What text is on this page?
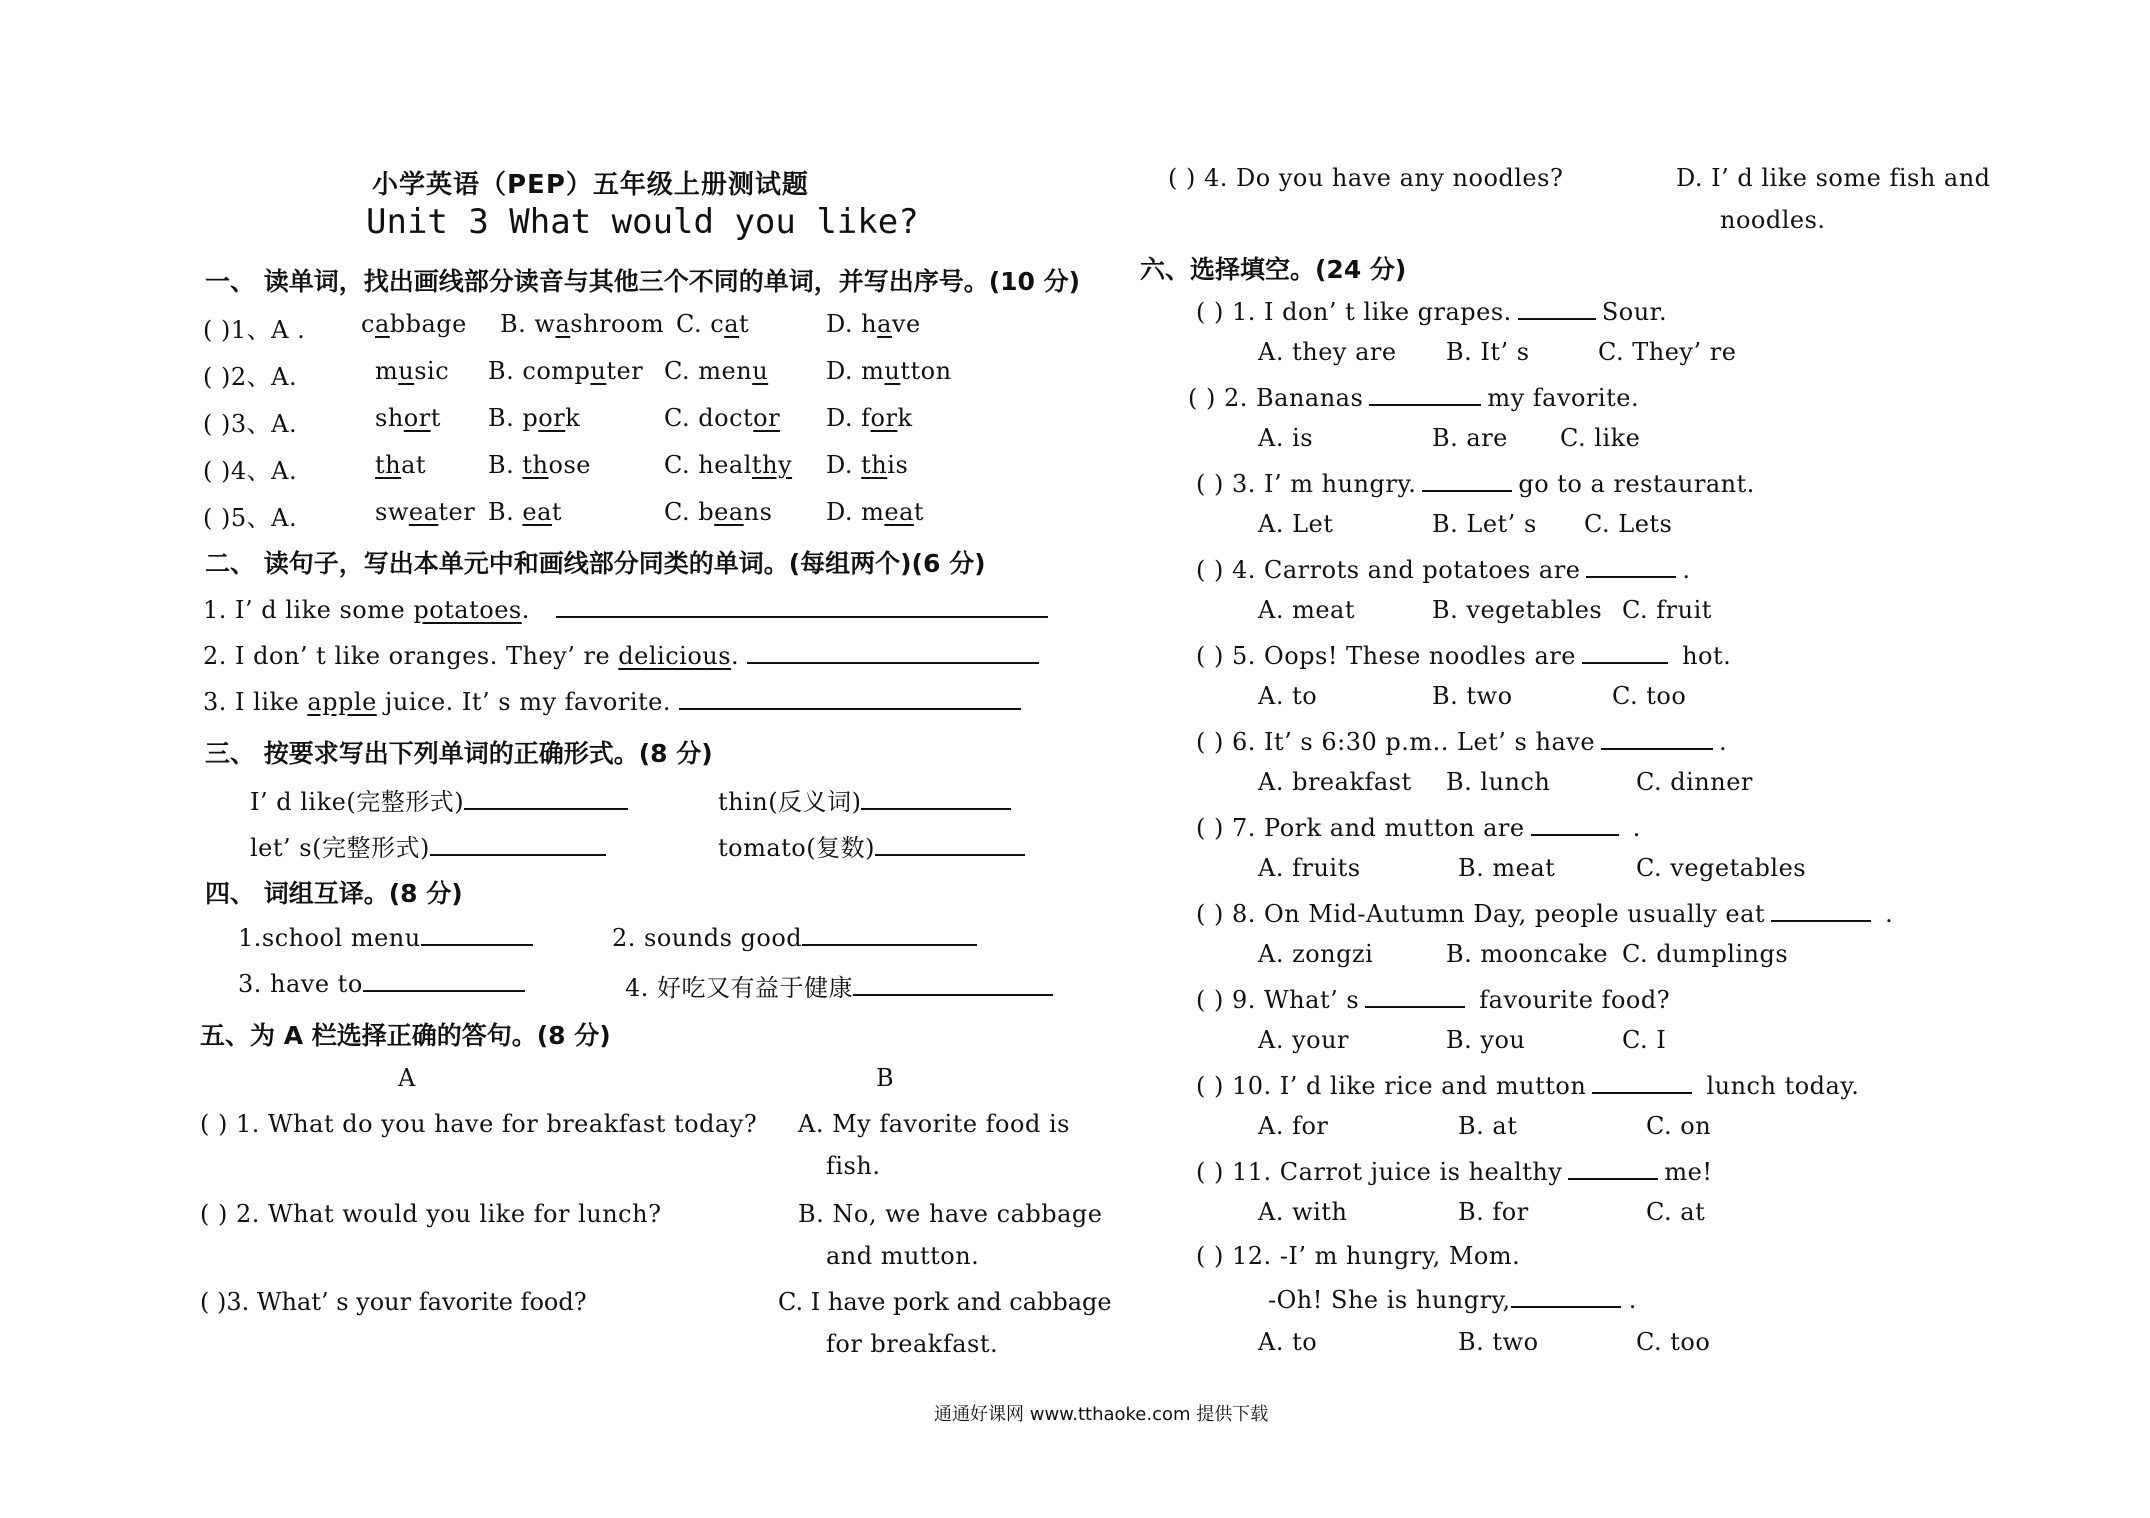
小学英语（PEP）五年级上册测试题
Unit 3 What would you like?
一、 读单词，找出画线部分读音与其他三个不同的单词，并写出序号。(10 分)
( )1、A . cabbage B. washroom C. cat	D. have
( )2、A.	music B. computer C. menu D. mutton
( )3、A.	short B. pork	C. doctor D. fork
( )4、A.	that	B. those	C. healthy D. this
( )5、A.	sweater B. eat	C. beans D. meat
二、 读句子，写出本单元中和画线部分同类的单词。(每组两个)(6 分)
1. I’ d like some potatoes.
2. I don’ t like oranges. They’ re delicious.
3. I like apple juice. It’ s my favorite.
三、 按要求写出下列单词的正确形式。(8 分)
I’ d like(完整形式)	thin(反义词)
let’ s(完整形式)	tomato(复数)
四、 词组互译。(8 分)
1.school menu	2. sounds good
3. have to	4. 好吃又有益于健康
五、为 A 栏选择正确的答句。(8 分)
A	B
( ) 1. What do you have for breakfast today? A. My favorite food is
fish.
( ) 2. What would you like for lunch?	B. No, we have cabbage
and mutton.
( )3. What’ s your favorite food?	C. I have pork and cabbage
for breakfast.
( ) 4. Do you have any noodles?	D. I’ d like some fish and
noodles.
六、选择填空。(24 分)
( ) 1. I don’ t like grapes.	Sour.
A. they are B. It’ s	C. They’ re
( ) 2. Bananas	my favorite.
A. is	B. are C. like
( ) 3. I’ m hungry.	go to a restaurant.
A. Let	B. Let’ s C. Lets
( ) 4. Carrots and potatoes are	.
A. meat	B. vegetables C. fruit
( ) 5. Oops! These noodles are	hot.
A. to	B. two	C. too
( ) 6. It’ s 6:30 p.m.. Let’ s have	.
A. breakfast B. lunch	C. dinner
( ) 7. Pork and mutton are	.
A. fruits	B. meat	C. vegetables
( ) 8. On Mid-Autumn Day, people usually eat	.
A. zongzi	B. mooncake C. dumplings
( ) 9. What’ s	favourite food?
A. your	B. you	C. I
( ) 10. I’ d like rice and mutton	lunch today.
A. for	B. at	C. on
( ) 11. Carrot juice is healthy	me!
A. with	B. for	C. at
( ) 12. -I’ m hungry, Mom.
A. to	B. two	C. too
-Oh! She is hungry,	.
通通好课网 www.tthaoke.com 提供下载
